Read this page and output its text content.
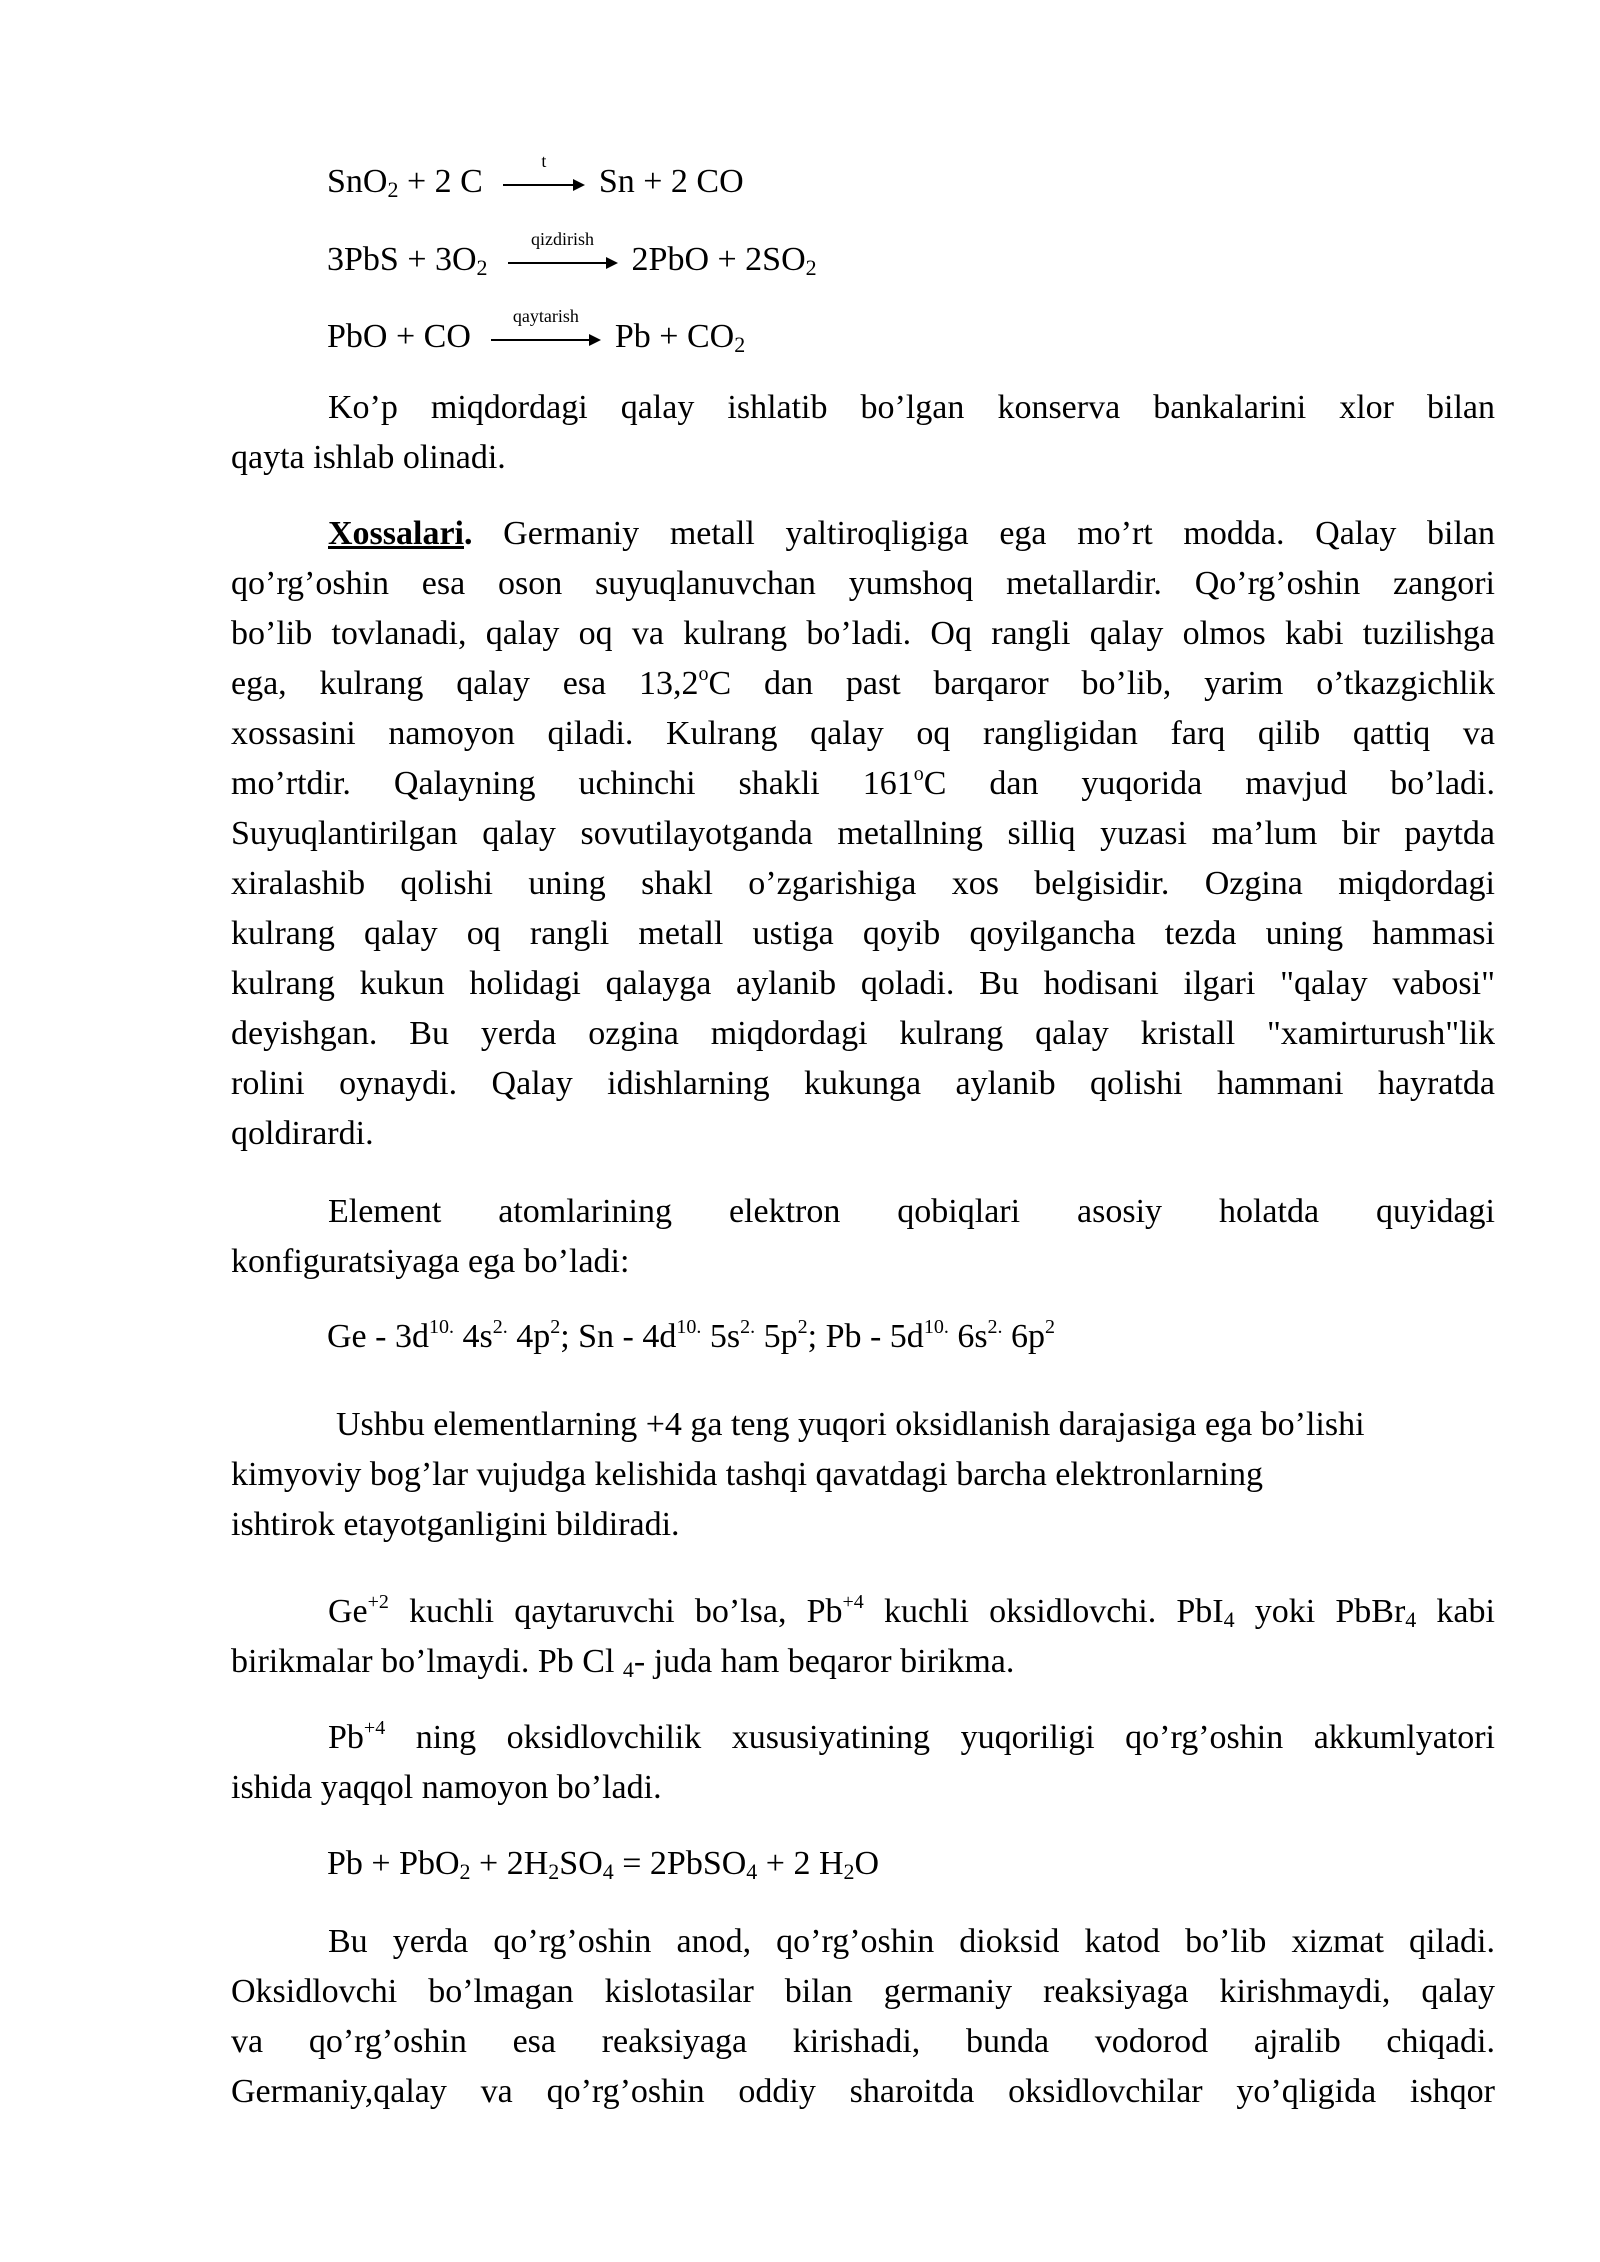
SnO$_2$ + 2 C
t
Sn + 2 CO
$3PbS + 3O_2$
qizdirish
$2PbO + 2SO_2$
PbO + CO
qaytarish
$Pb + CO_2$
Ko’p miqdordagi qalay ishlatib bo’lgan konserva bankalarini xlor bilan
qayta ishlab olinadi.
Xossalari. Germaniy metall yaltiroqligiga ega mo’rt modda. Qalay bilan
qo’rg’oshin esa oson suyuqlanuvchan yumshoq metallardir. Qo’rg’oshin zangori
bo’lib tovlanadi, qalay oq va kulrang bo’ladi. Oq rangli qalay olmos kabi tuzilishga
ega, kulrang qalay esa 13,2$^o$C dan past barqaror bo’lib, yarim o’tkazgichlik
xossasini namoyon qiladi. Kulrang qalay oq rangligidan farq qilib qattiq va
mo’rtdir. Qalayning uchinchi shakli 161$^o$C dan yuqorida mavjud bo’ladi.
Suyuqlantirilgan qalay sovutilayotganda metallning silliq yuzasi ma’lum bir paytda
xiralashib qolishi uning shakl o’zgarishiga xos belgisidir. Ozgina miqdordagi
kulrang qalay oq rangli metall ustiga qoyib qoyilgancha tezda uning hammasi
kulrang kukun holidagi qalayga aylanib qoladi. Bu hodisani ilgari "qalay vabosi"
deyishgan. Bu yerda ozgina miqdordagi kulrang qalay kristall "xamirturush"lik
rolini oynaydi. Qalay idishlarning kukunga aylanib qolishi hammani hayratda
qoldirardi.
Element atomlarining elektron qobiqlari asosiy holatda quyidagi
konfiguratsiyaga ega bo’ladi:
Ge - $3d^{10.}$ $4s^{2.}$ $4p^2$; Sn - $4d^{10.}$ $5s^{2.}$ $5p^2$; Pb - $5d^{10.}$ $6s^{2.}$ $6p^2$
Ushbu elementlarning +4 ga teng yuqori oksidlanish darajasiga ega bo’lishi
kimyoviy bog’lar vujudga kelishida tashqi qavatdagi barcha elektronlarning
ishtirok etayotganligini bildiradi.
$Ge^{+2}$ kuchli qaytaruvchi bo’lsa, $Pb^{+4}$ kuchli oksidlovchi. PbI$_4$ yoki PbBr$_4$ kabi
birikmalar bo’lmaydi. Pb Cl $_4$- juda ham beqaror birikma.
$Pb^{+4}$ ning oksidlovchilik xususiyatining yuqoriligi qo’rg’oshin akkumlyatori
ishida yaqqol namoyon bo’ladi.
$Pb + PbO_2 + 2H_2SO_4$ = 2PbSO$_4$ + 2 $H_2O$
Bu yerda qo’rg’oshin anod, qo’rg’oshin dioksid katod bo’lib xizmat qiladi.
Oksidlovchi bo’lmagan kislotasilar bilan germaniy reaksiyaga kirishmaydi, qalay
va qo’rg’oshin esa reaksiyaga kirishadi, bunda vodorod ajralib chiqadi.
Germaniy,qalay va qo’rg’oshin oddiy sharoitda oksidlovchilar yo’qligida ishqor
